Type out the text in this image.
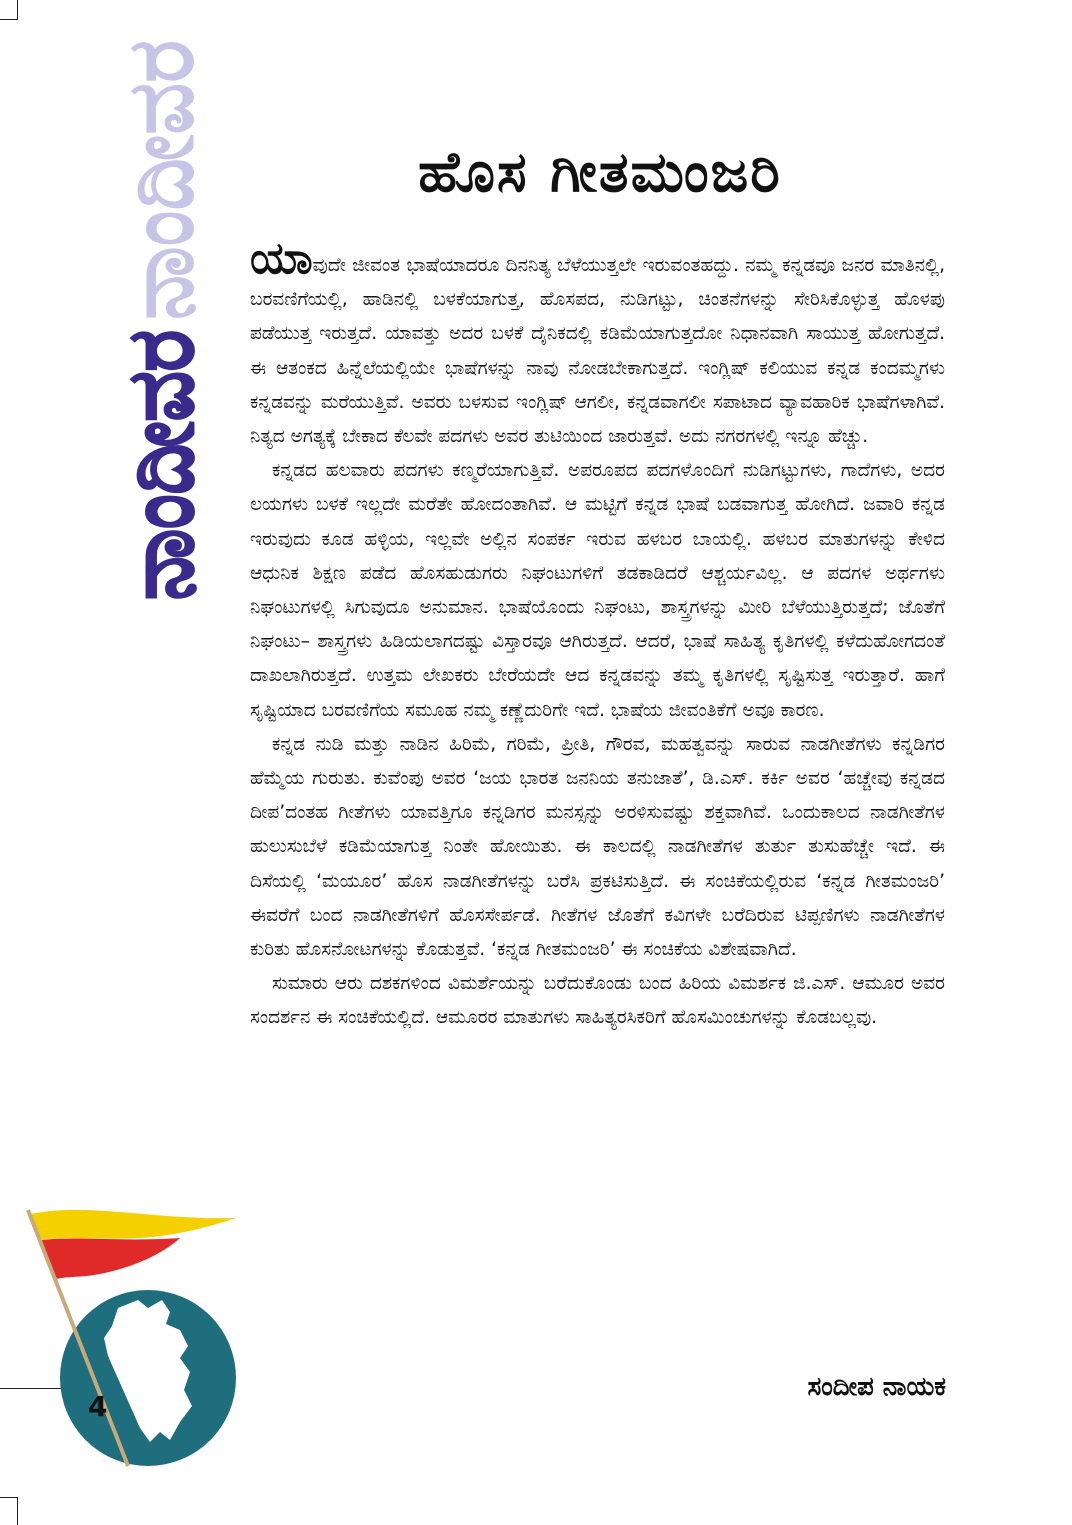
ನಾಂದೀವರ
ನಾಂದೀವರ
ಹೊಸ ಗೀತಮಂಜರಿ

ಯಾವುದೇ ಜೀವಂತ ಭಾಷೆಯಾದರೂ ದಿನನಿತ್ಯ ಬೆಳೆಯುತ್ತಲೇ ಇರುವಂತಹದ್ದು. ನಮ್ಮ ಕನ್ನಡವೂ ಜನರ ಮಾತಿನಲ್ಲಿ, ಬರವಣಿಗೆಯಲ್ಲಿ, ಹಾಡಿನಲ್ಲಿ ಬಳಕೆಯಾಗುತ್ತ, ಹೊಸಪದ, ನುಡಿಗಟ್ಟು, ಚಿಂತನೆಗಳನ್ನು ಸೇರಿಸಿಕೊಳ್ಳುತ್ತ ಹೊಳಪು ಪಡೆಯುತ್ತ ಇರುತ್ತದೆ. ಯಾವತ್ತು ಅದರ ಬಳಕೆ ದೈನಿಕದಲ್ಲಿ ಕಡಿಮೆಯಾಗುತ್ತದೋ ನಿಧಾನವಾಗಿ ಸಾಯುತ್ತ ಹೋಗುತ್ತದೆ. ಈ ಆತಂಕದ ಹಿನ್ನೆಲೆಯಲ್ಲಿಯೇ ಭಾಷೆಗಳನ್ನು ನಾವು ನೋಡಬೇಕಾಗುತ್ತದೆ. ಇಂಗ್ಲಿಷ್ ಕಲಿಯುವ ಕನ್ನಡ ಕಂದಮ್ಮಗಳು ಕನ್ನಡವನ್ನು ಮರೆಯುತ್ತಿವೆ. ಅವರು ಬಳಸುವ ಇಂಗ್ಲಿಷ್ ಆಗಲೀ, ಕನ್ನಡವಾಗಲೀ ಸಪಾಟಾದ ವ್ಯಾವಹಾರಿಕ ಭಾಷೆಗಳಾಗಿವೆ. ನಿತ್ಯದ ಅಗತ್ಯಕ್ಕೆ ಬೇಕಾದ ಕೆಲವೇ ಪದಗಳು ಅವರ ತುಟಿಯಿಂದ ಜಾರುತ್ತವೆ. ಅದು ನಗರಗಳಲ್ಲಿ ಇನ್ನೂ ಹೆಚ್ಚು.

ಕನ್ನಡದ ಹಲವಾರು ಪದಗಳು ಕಣ್ಮರೆಯಾಗುತ್ತಿವೆ. ಅಪರೂಪದ ಪದಗಳೊಂದಿಗೆ ನುಡಿಗಟ್ಟುಗಳು, ಗಾದೆಗಳು, ಅದರ ಲಯಗಳು ಬಳಕೆ ಇಲ್ಲದೇ ಮರೆತೇ ಹೋದಂತಾಗಿವೆ. ಆ ಮಟ್ಟಿಗೆ ಕನ್ನಡ ಭಾಷೆ ಬಡವಾಗುತ್ತ ಹೋಗಿದೆ. ಜವಾರಿ ಕನ್ನಡ ಇರುವುದು ಕೂಡ ಹಳ್ಳಿಯ, ಇಲ್ಲವೇ ಅಲ್ಲಿನ ಸಂಪರ್ಕ ಇರುವ ಹಳಬರ ಬಾಯಲ್ಲಿ. ಹಳಬರ ಮಾತುಗಳನ್ನು ಕೇಳಿದ ಆಧುನಿಕ ಶಿಕ್ಷಣ ಪಡೆದ ಹೊಸಹುಡುಗರು ನಿಘಂಟುಗಳಿಗೆ ತಡಕಾಡಿದರೆ ಆಶ್ಚರ್ಯವಿಲ್ಲ. ಆ ಪದಗಳ ಅರ್ಥಗಳು ನಿಘಂಟುಗಳಲ್ಲಿ ಸಿಗುವುದೂ ಅನುಮಾನ. ಭಾಷೆಯೊಂದು ನಿಘಂಟು, ಶಾಸ್ತ್ರಗಳನ್ನು ಮೀರಿ ಬೆಳೆಯುತ್ತಿರುತ್ತದೆ; ಜೊತೆಗೆ ನಿಘಂಟು– ಶಾಸ್ತ್ರಗಳು ಹಿಡಿಯಲಾಗದಷ್ಟು ವಿಸ್ತಾರವೂ ಆಗಿರುತ್ತದೆ. ಆದರೆ, ಭಾಷೆ ಸಾಹಿತ್ಯ ಕೃತಿಗಳಲ್ಲಿ ಕಳೆದುಹೋಗದಂತೆ ದಾಖಲಾಗಿರುತ್ತದೆ. ಉತ್ತಮ ಲೇಖಕರು ಬೇರೆಯದೇ ಆದ ಕನ್ನಡವನ್ನು ತಮ್ಮ ಕೃತಿಗಳಲ್ಲಿ ಸೃಷ್ಟಿಸುತ್ತ ಇರುತ್ತಾರೆ. ಹಾಗೆ ಸೃಷ್ಟಿಯಾದ ಬರವಣಿಗೆಯ ಸಮೂಹ ನಮ್ಮ ಕಣ್ಣೆದುರಿಗೇ ಇದೆ. ಭಾಷೆಯ ಜೀವಂತಿಕೆಗೆ ಅವೂ ಕಾರಣ.

ಕನ್ನಡ ನುಡಿ ಮತ್ತು ನಾಡಿನ ಹಿರಿಮೆ, ಗರಿಮೆ, ಪ್ರೀತಿ, ಗೌರವ, ಮಹತ್ವವನ್ನು ಸಾರುವ ನಾಡಗೀತೆಗಳು ಕನ್ನಡಿಗರ ಹೆಮ್ಮೆಯ ಗುರುತು. ಕುವೆಂಪು ಅವರ ‘ಜಯ ಭಾರತ ಜನನಿಯ ತನುಜಾತೆ’, ಡಿ.ಎಸ್. ಕರ್ಕಿ ಅವರ ‘ಹಚ್ಚೇವು ಕನ್ನಡದ ದೀಪ’ದಂತಹ ಗೀತೆಗಳು ಯಾವತ್ತಿಗೂ ಕನ್ನಡಿಗರ ಮನಸ್ಸನ್ನು ಅರಳಿಸುವಷ್ಟು ಶಕ್ತವಾಗಿವೆ. ಒಂದುಕಾಲದ ನಾಡಗೀತೆಗಳ ಹುಲುಸುಬೆಳೆ ಕಡಿಮೆಯಾಗುತ್ತ ನಿಂತೇ ಹೋಯಿತು. ಈ ಕಾಲದಲ್ಲಿ ನಾಡಗೀತೆಗಳ ತುರ್ತು ತುಸುಹೆಚ್ಚೇ ಇದೆ. ಈ ದಿಸೆಯಲ್ಲಿ ‘ಮಯೂರ’ ಹೊಸ ನಾಡಗೀತೆಗಳನ್ನು ಬರೆಸಿ ಪ್ರಕಟಿಸುತ್ತಿದೆ. ಈ ಸಂಚಿಕೆಯಲ್ಲಿರುವ ‘ಕನ್ನಡ ಗೀತಮಂಜರಿ’ ಈವರೆಗೆ ಬಂದ ನಾಡಗೀತೆಗಳಿಗೆ ಹೊಸಸೇರ್ಪಡೆ. ಗೀತೆಗಳ ಜೊತೆಗೆ ಕವಿಗಳೇ ಬರೆದಿರುವ ಟಿಪ್ಪಣಿಗಳು ನಾಡಗೀತೆಗಳ ಕುರಿತು ಹೊಸನೋಟಗಳನ್ನು ಕೊಡುತ್ತವೆ. ‘ಕನ್ನಡ ಗೀತಮಂಜರಿ’ ಈ ಸಂಚಿಕೆಯ ವಿಶೇಷವಾಗಿದೆ.

ಸುಮಾರು ಆರು ದಶಕಗಳಿಂದ ವಿಮರ್ಶೆಯನ್ನು ಬರೆದುಕೊಂಡು ಬಂದ ಹಿರಿಯ ವಿಮರ್ಶಕ ಜಿ.ಎಸ್. ಆಮೂರ ಅವರ ಸಂದರ್ಶನ ಈ ಸಂಚಿಕೆಯಲ್ಲಿದೆ. ಆಮೂರರ ಮಾತುಗಳು ಸಾಹಿತ್ಯರಸಿಕರಿಗೆ ಹೊಸಮಿಂಚುಗಳನ್ನು ಕೊಡಬಲ್ಲವು.

ಸಂದೀಪ ನಾಯಕ
4
